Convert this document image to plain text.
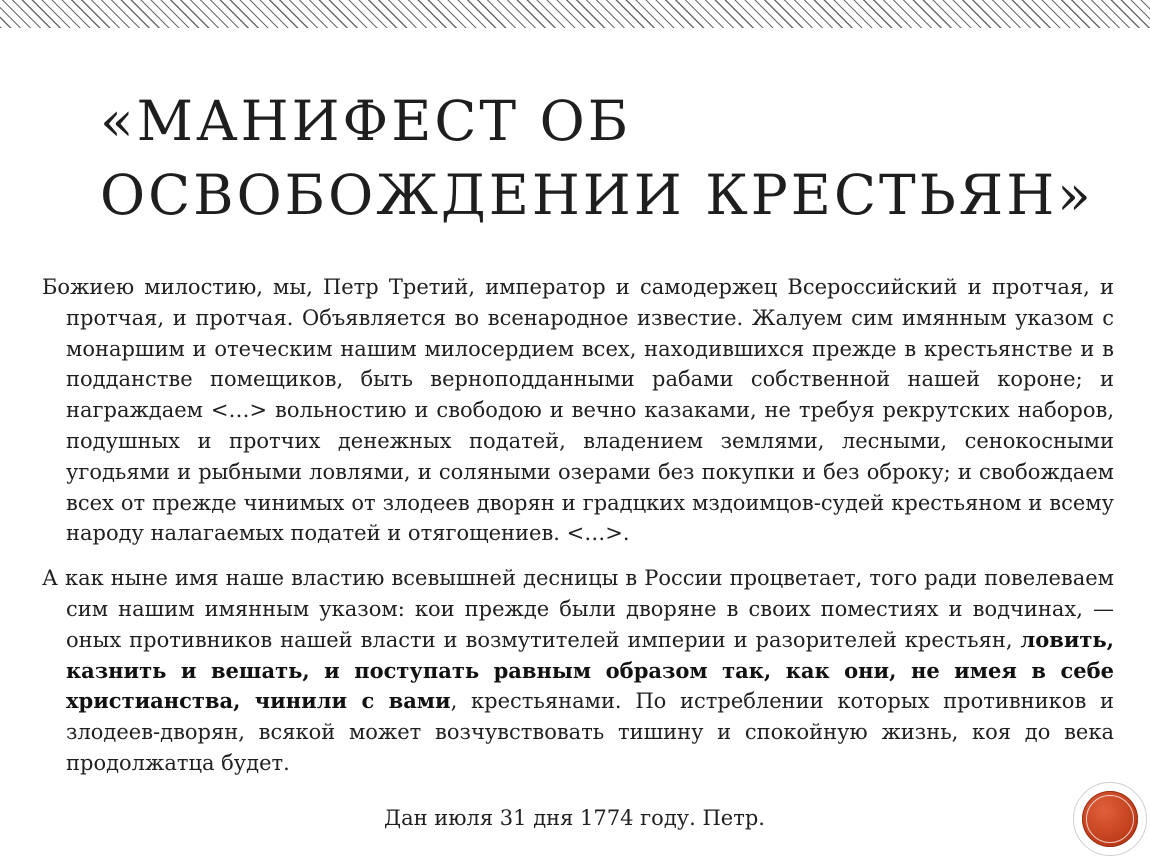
«МАНИФЕСТ ОБ
ОСВОБОЖДЕНИИ КРЕСТЬЯН»

Божиею милостию, мы, Петр Третий, император и самодержец Всероссийский и протчая, и протчая, и протчая. Объявляется во всенародное известие. Жалуем сим имянным указом с монаршим и отеческим нашим милосердием всех, находившихся прежде в крестьянстве и в подданстве помещиков, быть верноподданными рабами собственной нашей короне; и награждаем <…> вольностию и свободою и вечно казаками, не требуя рекрутских наборов, подушных и протчих денежных податей, владением землями, лесными, сенокосными угодьями и рыбными ловлями, и соляными озерами без покупки и без оброку; и свобождаем всех от прежде чинимых от злодеев дворян и градцких мздоимцов-судей крестьяном и всему народу налагаемых податей и отягощениев. <…>.

А как ныне имя наше властию всевышней десницы в России процветает, того ради повелеваем сим нашим имянным указом: кои прежде были дворяне в своих поместиях и водчинах, — оных противников нашей власти и возмутителей империи и разорителей крестьян, ловить, казнить и вешать, и поступать равным образом так, как они, не имея в себе христианства, чинили с вами, крестьянами. По истреблении которых противников и злодеев-дворян, всякой может возчувствовать тишину и спокойную жизнь, коя до века продолжатца будет.

Дан июля 31 дня 1774 году. Петр.
